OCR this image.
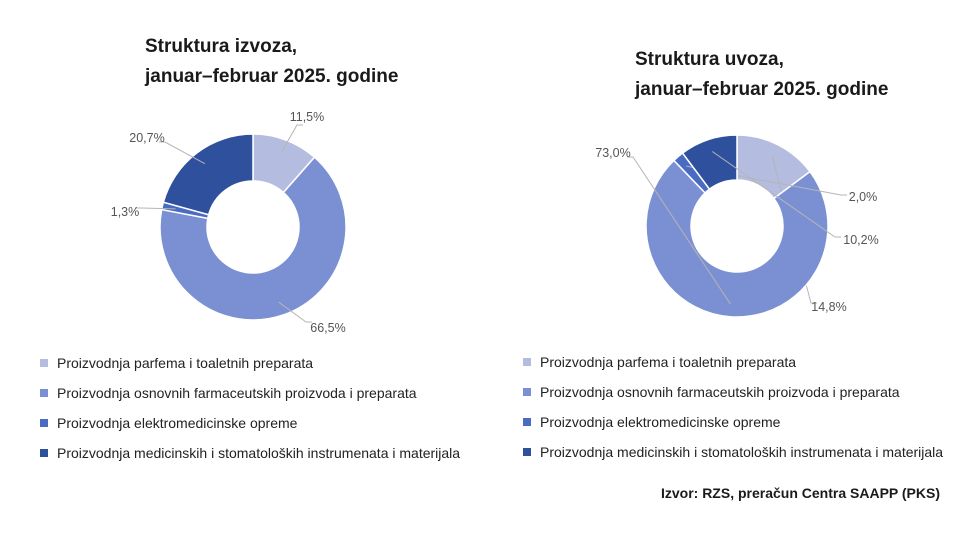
Struktura izvoza,
januar–februar 2025. godine
11,5%
66,5%
1,3%
20,7%
Proizvodnja parfema i toaletnih preparata
Proizvodnja osnovnih farmaceutskih proizvoda i preparata
Proizvodnja elektromedicinske opreme
Proizvodnja medicinskih i stomatoloških instrumenata i materijala
Struktura uvoza,
januar–februar 2025. godine
14,8%
73,0%
2,0%
10,2%
Proizvodnja parfema i toaletnih preparata
Proizvodnja osnovnih farmaceutskih proizvoda i preparata
Proizvodnja elektromedicinske opreme
Proizvodnja medicinskih i stomatoloških instrumenata i materijala
Izvor: RZS, preračun Centra SAAPP (PKS)
